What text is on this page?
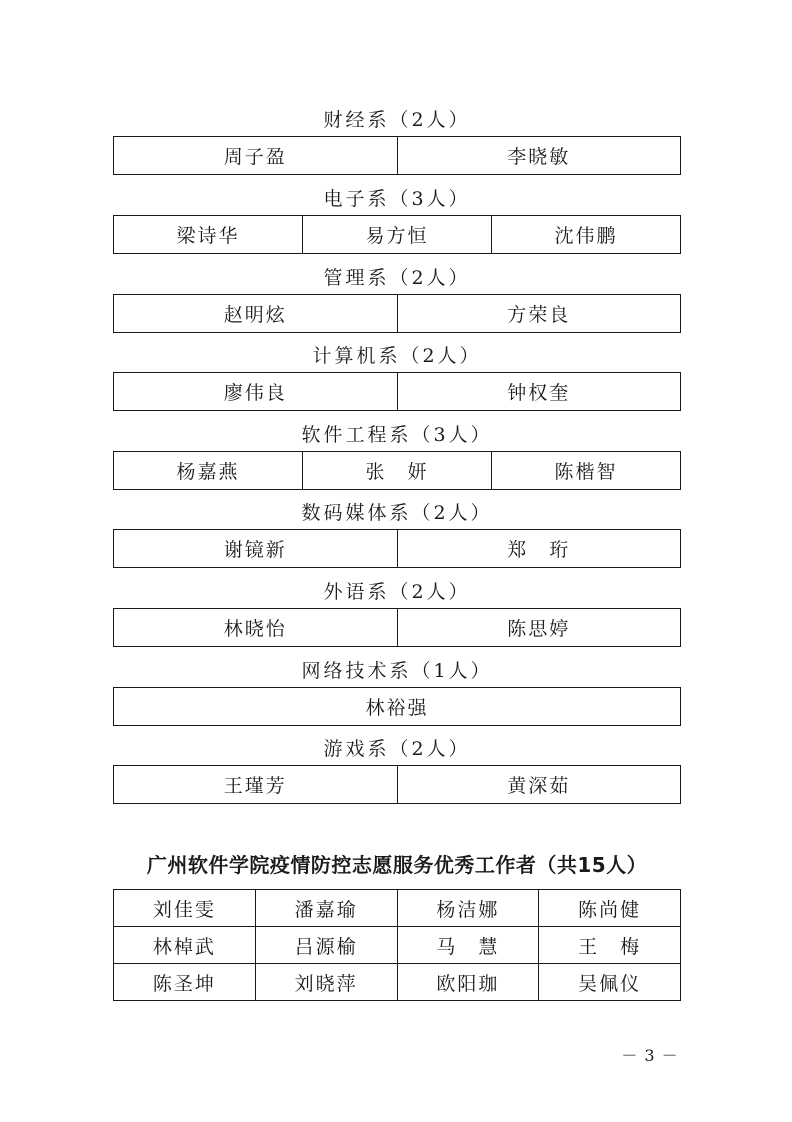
财经系（2人）
周子盈	李晓敏
电子系（3人）
梁诗华	易方恒	沈伟鹏
管理系（2人）
赵明炫	方荣良
计算机系（2人）
廖伟良	钟权奎
软件工程系（3人）
杨嘉燕	张　妍	陈楷智
数码媒体系（2人）
谢镜新	郑　珩
外语系（2人）
林晓怡	陈思婷
网络技术系（1人）
林裕强
游戏系（2人）
王瑾芳	黄深茹
广州软件学院疫情防控志愿服务优秀工作者（共15人）
刘佳雯	潘嘉瑜	杨洁娜	陈尚健
林棹武	吕源榆	马　慧	王　梅
陈圣坤	刘晓萍	欧阳珈	吴佩仪
－ 3 －
